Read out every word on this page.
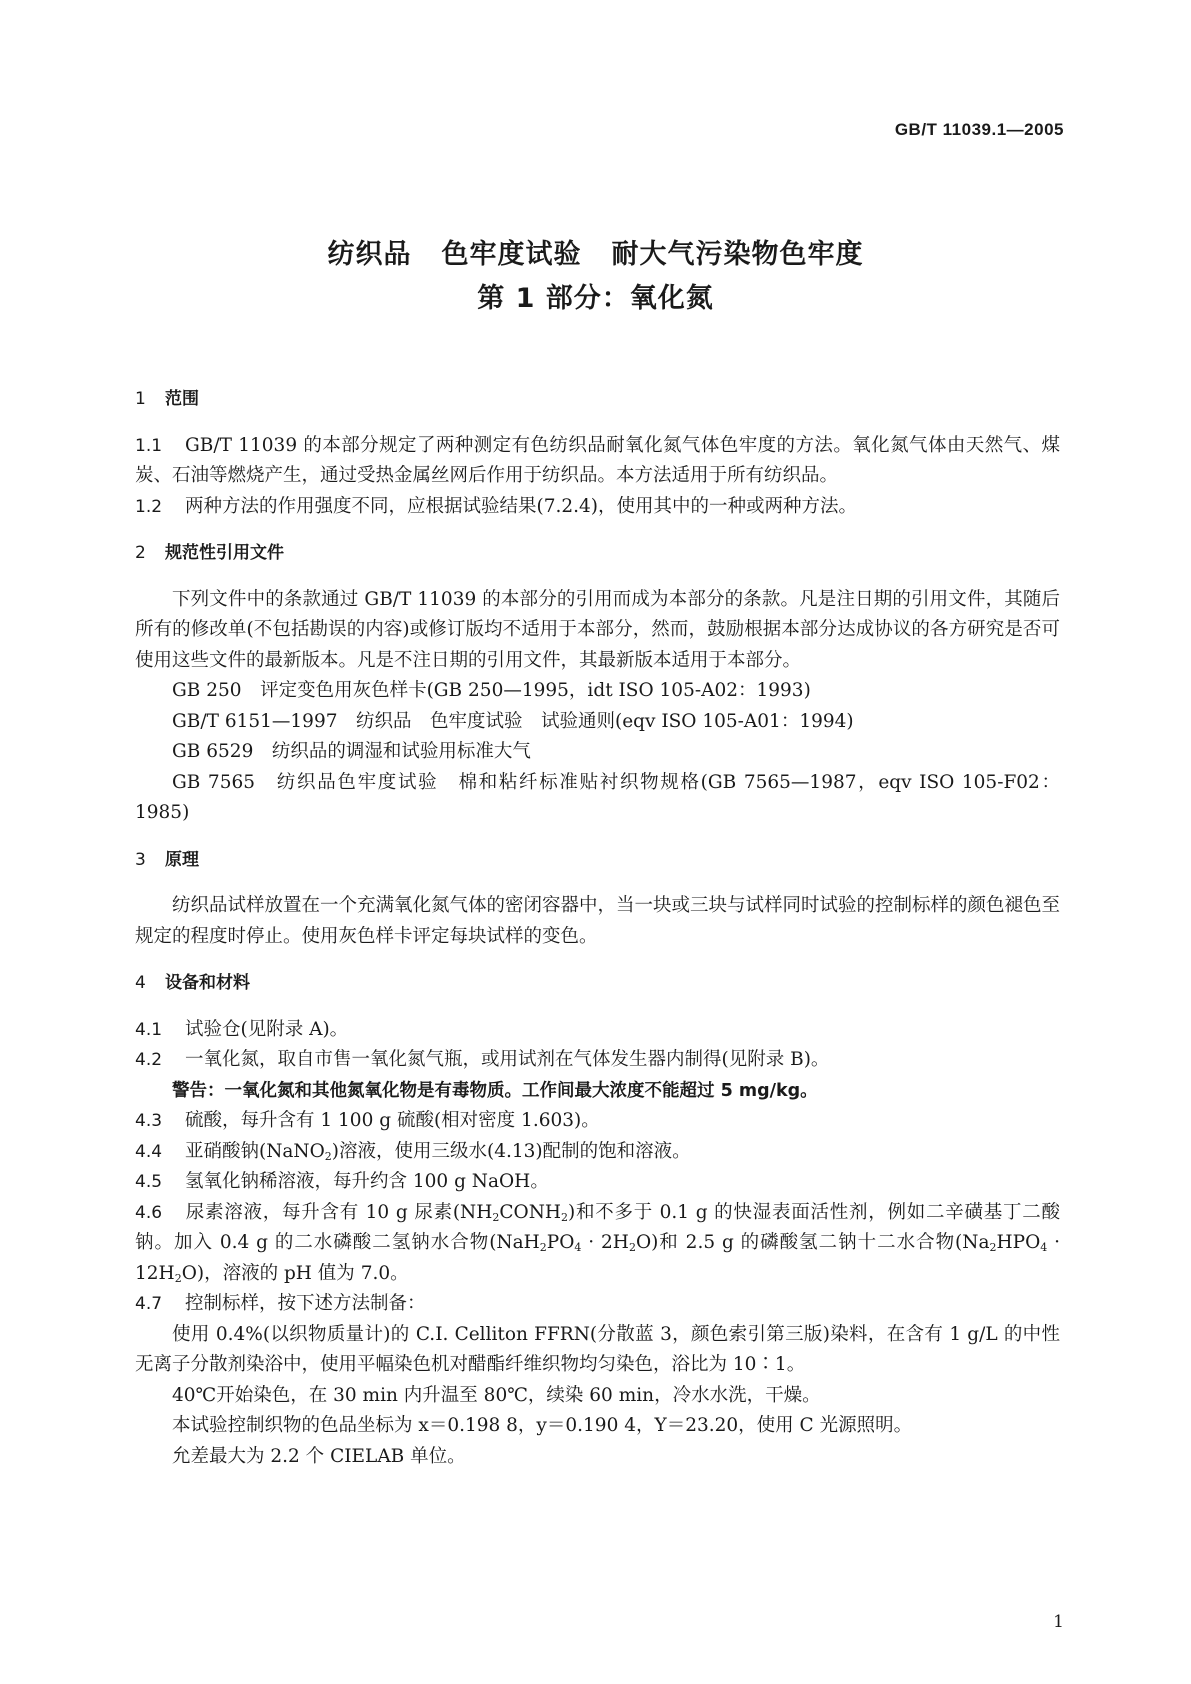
GB/T 11039.1—2005
纺织品 色牢度试验 耐大气污染物色牢度
第 1 部分：氧化氮
1 范围

1.1 GB/T 11039 的本部分规定了两种测定有色纺织品耐氧化氮气体色牢度的方法。氧化氮气体由天然气、煤炭、石油等燃烧产生，通过受热金属丝网后作用于纺织品。本方法适用于所有纺织品。

1.2 两种方法的作用强度不同，应根据试验结果(7.2.4)，使用其中的一种或两种方法。

2 规范性引用文件

下列文件中的条款通过 GB/T 11039 的本部分的引用而成为本部分的条款。凡是注日期的引用文件，其随后所有的修改单(不包括勘误的内容)或修订版均不适用于本部分，然而，鼓励根据本部分达成协议的各方研究是否可使用这些文件的最新版本。凡是不注日期的引用文件，其最新版本适用于本部分。

GB 250　评定变色用灰色样卡(GB 250—1995，idt ISO 105-A02：1993)

GB/T 6151—1997　纺织品　色牢度试验　试验通则(eqv ISO 105-A01：1994)

GB 6529　纺织品的调湿和试验用标准大气

GB 7565　纺织品色牢度试验　棉和粘纤标准贴衬织物规格(GB 7565—1987，eqv ISO 105-F02：1985)

3 原理

纺织品试样放置在一个充满氧化氮气体的密闭容器中，当一块或三块与试样同时试验的控制标样的颜色褪色至规定的程度时停止。使用灰色样卡评定每块试样的变色。

4 设备和材料

4.1 试验仓(见附录 A)。

4.2 一氧化氮，取自市售一氧化氮气瓶，或用试剂在气体发生器内制得(见附录 B)。

警告：一氧化氮和其他氮氧化物是有毒物质。工作间最大浓度不能超过 5 mg/kg。

4.3 硫酸，每升含有 1 100 g 硫酸(相对密度 1.603)。

4.4 亚硝酸钠(NaNO$_2$)溶液，使用三级水(4.13)配制的饱和溶液。

4.5 氢氧化钠稀溶液，每升约含 100 g NaOH。

4.6 尿素溶液，每升含有 10 g 尿素$(NH_2CONH_2)$和不多于 0.1 g 的快湿表面活性剂，例如二辛磺基丁二酸钠。加入 0.4 g 的二水磷酸二氢钠水合物$(NaH_2PO_4 \cdot 2H_2O)$和 2.5 g 的磷酸氢二钠十二水合物$(Na_2HPO_4 \cdot 12H_2O)$，溶液的 pH 值为 7.0。

4.7 控制标样，按下述方法制备：

使用 0.4%(以织物质量计)的 C.I. Celliton FFRN(分散蓝 3，颜色索引第三版)染料，在含有 1 g/L 的中性无离子分散剂染浴中，使用平幅染色机对醋酯纤维织物均匀染色，浴比为 10∶1。

40℃开始染色，在 30 min 内升温至 80℃，续染 60 min，冷水水洗，干燥。

本试验控制织物的色品坐标为 x＝0.198 8，y＝0.190 4，Y＝23.20，使用 C 光源照明。

允差最大为 2.2 个 CIELAB 单位。

1
